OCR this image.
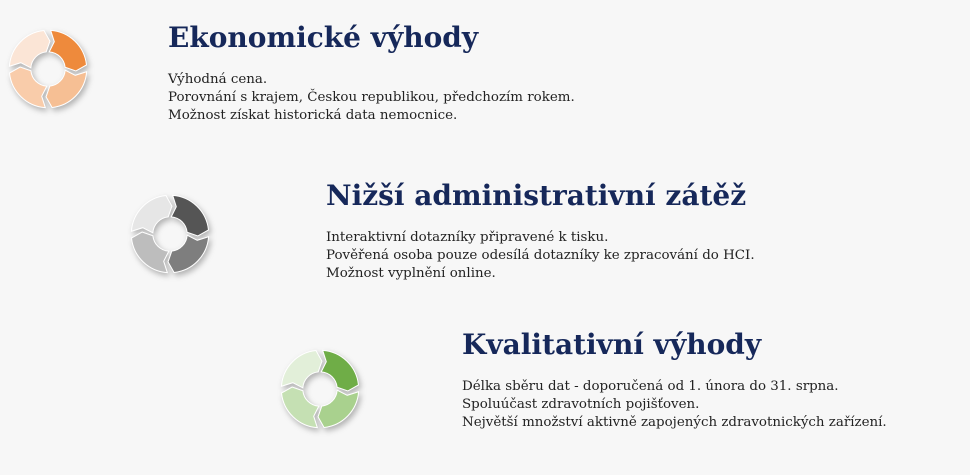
Ekonomické výhody
Výhodná cena.
Porovnání s krajem, Českou republikou, předchozím rokem.
Možnost získat historická data nemocnice.
Nižší administrativní zátěž
Interaktivní dotazníky připravené k tisku.
Pověřená osoba pouze odesílá dotazníky ke zpracování do HCI.
Možnost vyplnění online.
Kvalitativní výhody
Délka sběru dat - doporučená od 1. února do 31. srpna.
Spoluúčast zdravotních pojišťoven.
Největší množství aktivně zapojených zdravotnických zařízení.
